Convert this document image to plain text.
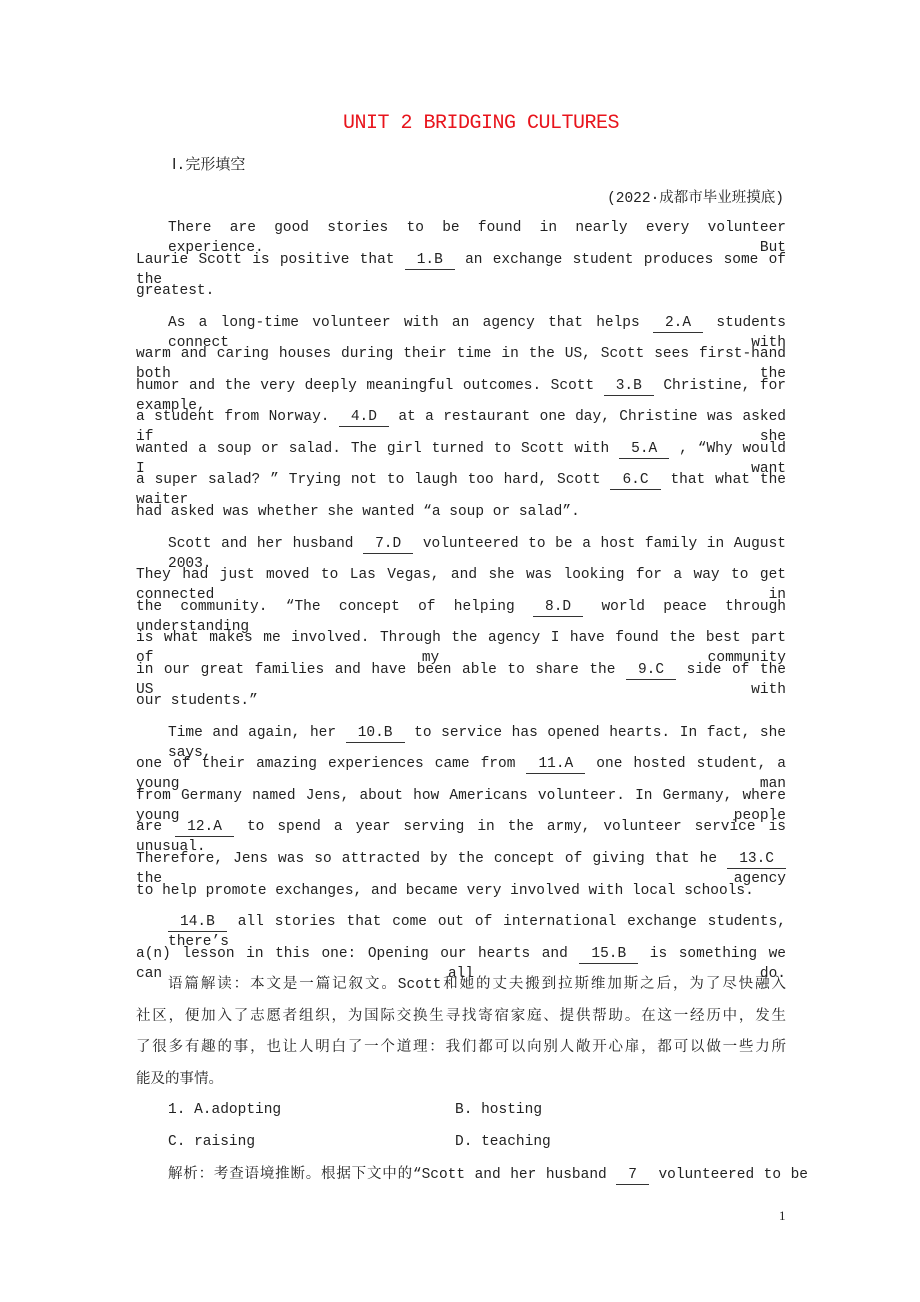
UNIT 2 BRIDGING CULTURES
Ⅰ.完形填空
(2022·成都市毕业班摸底)
There are good stories to be found in nearly every volunteer experience. But
Laurie Scott is positive that 1.B an exchange student produces some of the
greatest.
As a long-time volunteer with an agency that helps 2.A students connect with
warm and caring houses during their time in the US, Scott sees first-hand both the
humor and the very deeply meaningful outcomes. Scott 3.B Christine, for example,
a student from Norway. 4.D at a restaurant one day, Christine was asked if she
wanted a soup or salad. The girl turned to Scott with 5.A , “Why would I want
a super salad? ” Trying not to laugh too hard, Scott 6.C that what the waiter
had asked was whether she wanted “a soup or salad”.
Scott and her husband 7.D volunteered to be a host family in August 2003.
They had just moved to Las Vegas, and she was looking for a way to get connected in
the community. “The concept of helping 8.D world peace through understanding
is what makes me involved. Through the agency I have found the best part of my community
in our great families and have been able to share the 9.C side of the US with
our students.”
Time and again, her 10.B to service has opened hearts. In fact, she says,
one of their amazing experiences came from 11.A one hosted student, a young man
from Germany named Jens, about how Americans volunteer. In Germany, where young people
are 12.A to spend a year serving in the army, volunteer service is unusual.
Therefore, Jens was so attracted by the concept of giving that he 13.C the agency
to help promote exchanges, and became very involved with local schools.
14.B all stories that come out of international exchange students, there’s
a(n) lesson in this one: Opening our hearts and 15.B is something we can all do.
语篇解读：本文是一篇记叙文。Scott和她的丈夫搬到拉斯维加斯之后，为了尽快融入
社区，便加入了志愿者组织，为国际交换生寻找寄宿家庭、提供帮助。在这一经历中，发生
了很多有趣的事，也让人明白了一个道理：我们都可以向别人敞开心扉，都可以做一些力所
能及的事情。
1. A.adopting	B. hosting
C. raising	D. teaching
解析：考查语境推断。根据下文中的“Scott and her husband 7 volunteered to be
1
